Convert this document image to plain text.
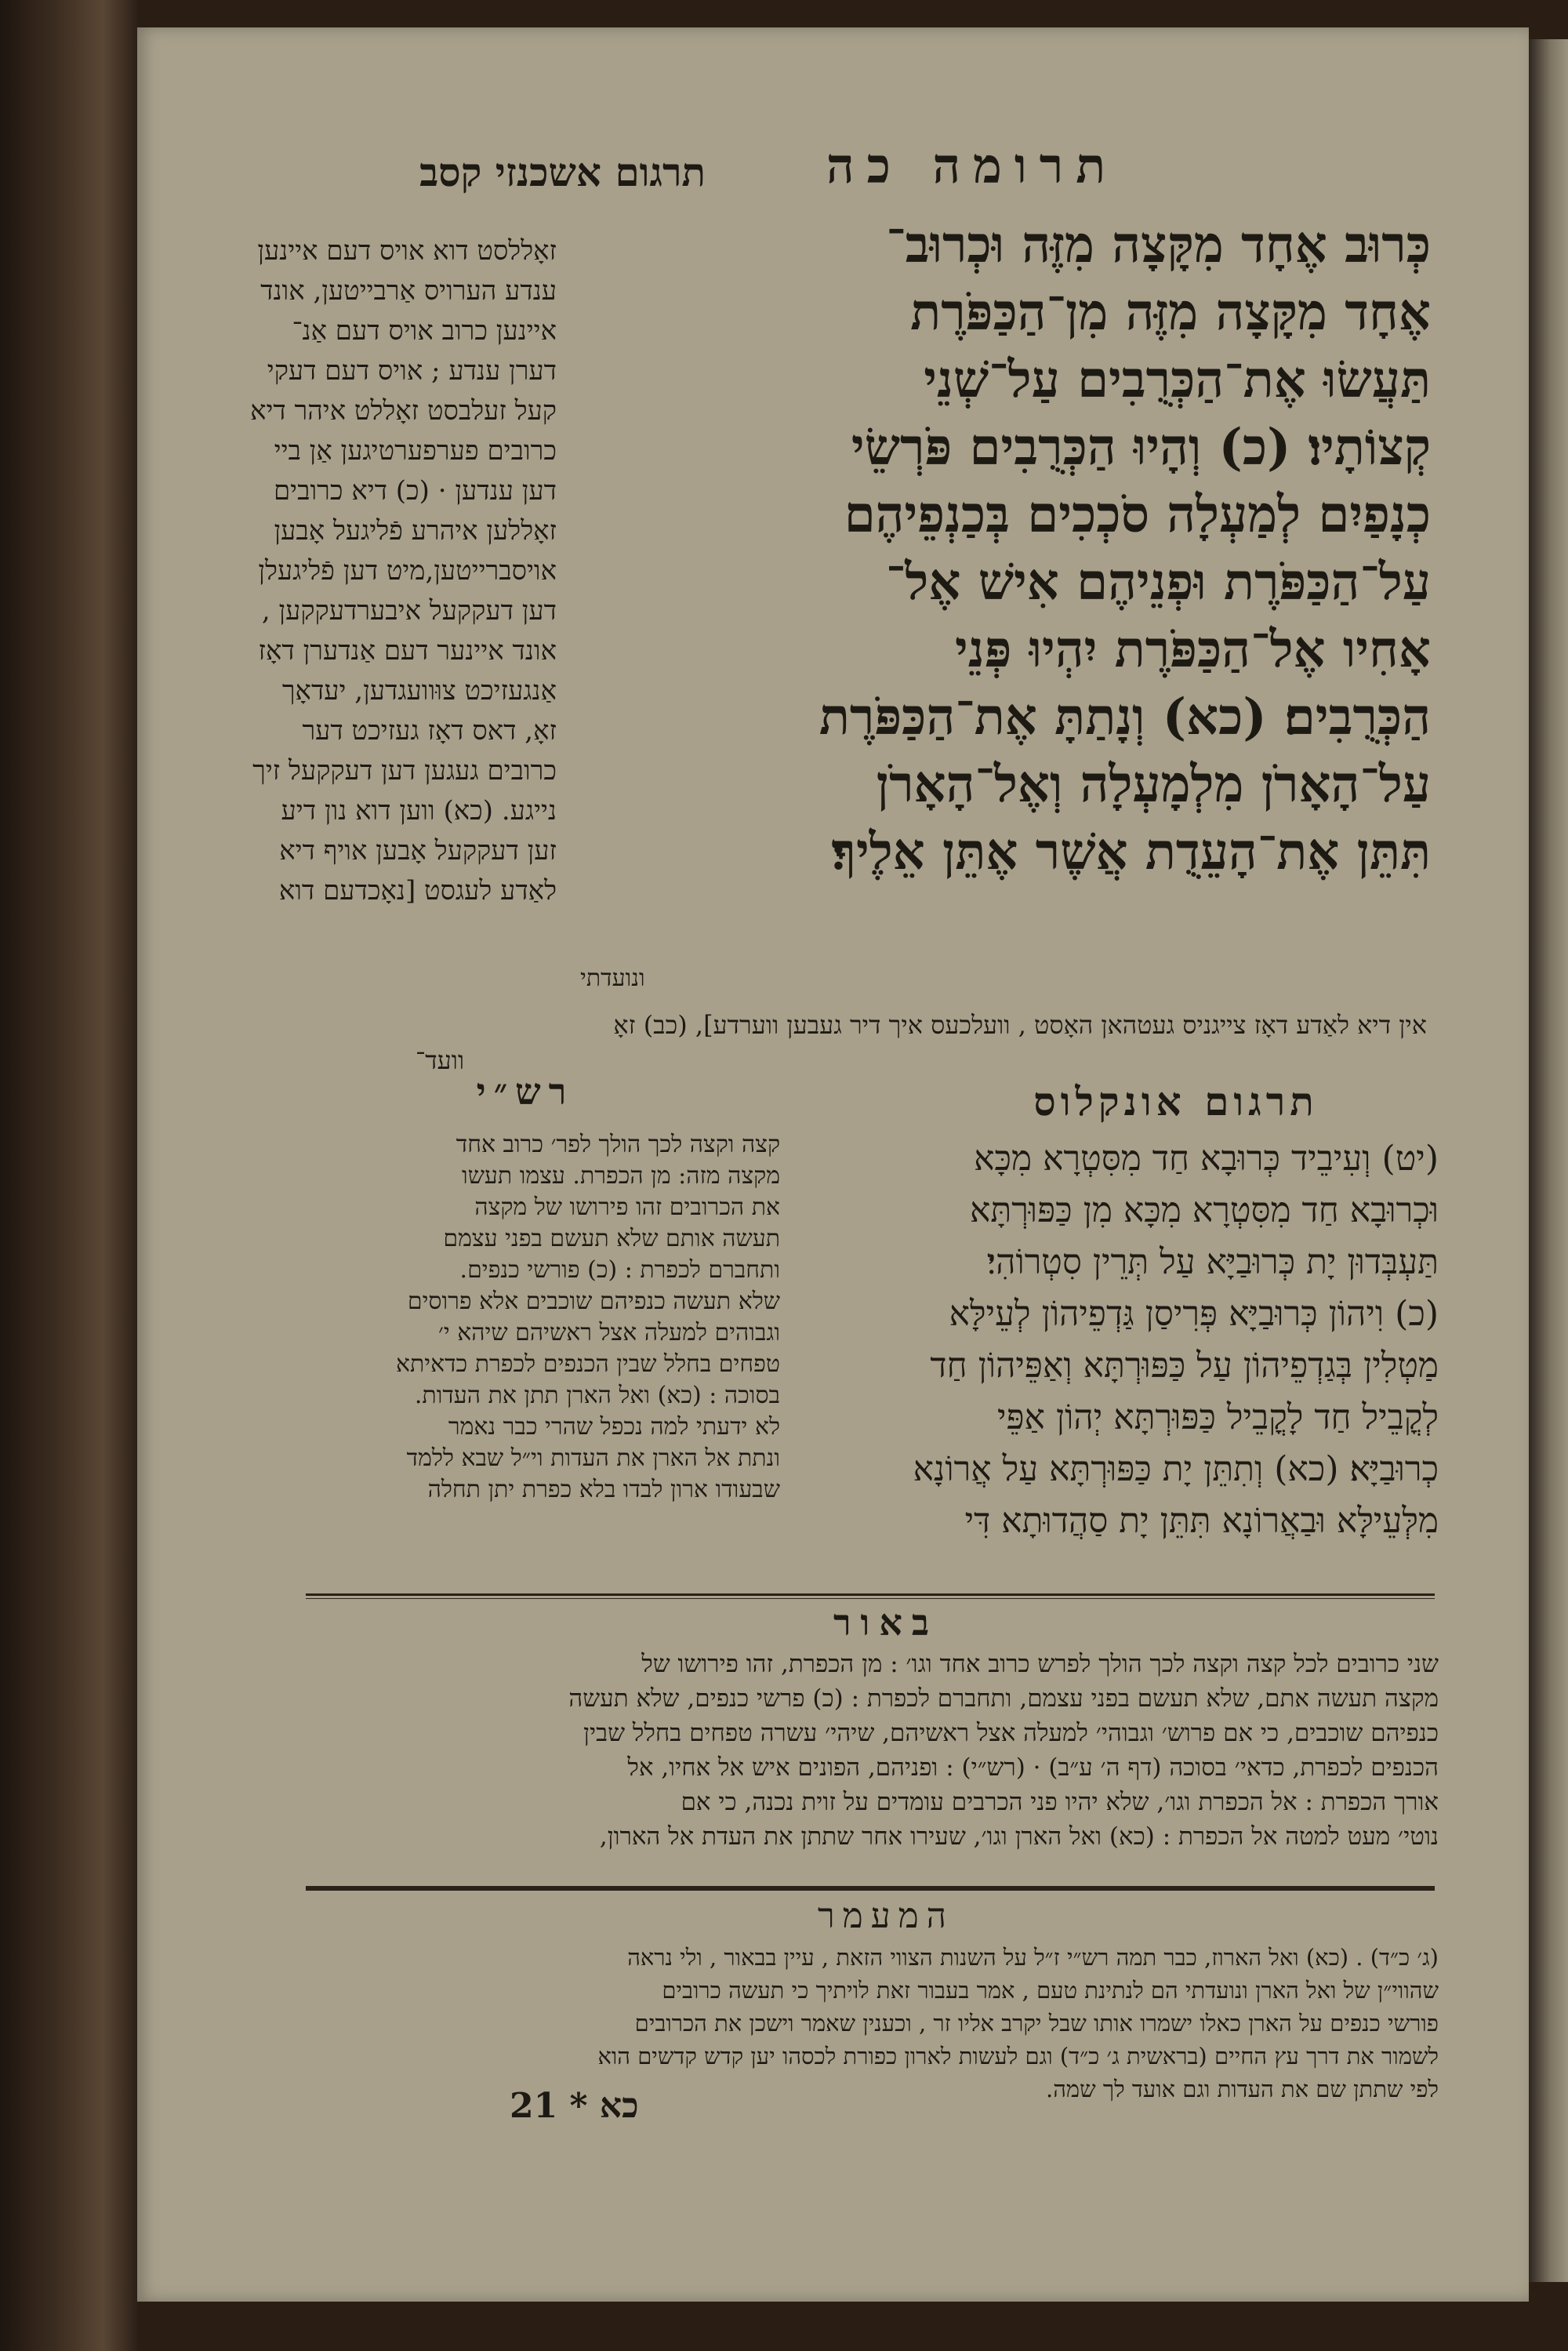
תרומה כה
תרגום אשכנזי קסב
כְּרוּב אֶחָד מִקָּצָה מִזֶּה וּכְרוּב־
אֶחָד מִקָּצָה מִזֶּה מִן־הַכַּפֹּרֶת
תַּעֲשׂוּ אֶת־הַכְּרֻבִים עַל־שְׁנֵי
קְצוֹתָיו׃ (כ) וְהָיוּ הַכְּרֻבִים פֹּרְשֵׂי
כְנָפַיִם לְמַעְלָה סֹכְכִים בְּכַנְפֵיהֶם
עַל־הַכַּפֹּרֶת וּפְנֵיהֶם אִישׁ אֶל־
אָחִיו אֶל־הַכַּפֹּרֶת יִהְיוּ פְּנֵי
הַכְּרֻבִים׃ (כא) וְנָתַתָּ אֶת־הַכַּפֹּרֶת
עַל־הָאָרֹן מִלְמָעְלָה וְאֶל־הָאָרֹן
תִּתֵּן אֶת־הָעֵדֻת אֲשֶׁר אֶתֵּן אֵלֶיךָ׃
זאָללסט דוא אויס דעם איינען
ענדע הערויס אַרבייטען, אונד
איינען כרוב אויס דעם אַנ־
דערן ענדע ; אויס דעם דעקי
קעל זעלבסט זאָללט איהר דיא
כרובים פערפערטיגען אַן ביי
דען ענדען · (כ) דיא כרובים
זאָללען איהרע פֿליגעל אָבען
אויסברייטען,מיט דען פֿליגעלן
דען דעקקעל איבערדעקקען ,
אונד איינער דעם אַנדערן דאָז
אַנגעזיכט צוּוועגדען, יעדאָך
זאָ, דאס דאָז געזיכט דער
כרובים געגען דען דעקקעל זיך
נייגע. (כא) ווען דוא נון דיע
זען דעקקעל אָבען אויף דיא
לאַדע לעגסט [נאָכדעם דוא
ונועדתי
אין דיא לאַדע דאָז צייגניס געטהאן האָסט , וועלכעס איך דיר געבען ווערדע], (כב) זאָ
וועד־
תרגום אונקלוס
רש״י
(יט) וְעִיבֵיד כְּרוּבָא חַד מִסִּטְרָא מִכָּא
וּכְרוּבָא חַד מִסִּטְרָא מִכָּא מִן כַּפּוּרְתָּא
תַּעְבְּדוּן יָת כְּרוּבַיָּא עַל תְּרֵין סִטְרוֹהִי׃
(כ) וִיהוֹן כְּרוּבַיָּא פְּרִיסַן גַּדְפֵיהוֹן לְעֵילָּא
מַטְלִין בְּגַדְפֵיהוֹן עַל כַּפּוּרְתָּא וְאַפֵּיהוֹן חַד
לְקֳבֵיל חַד לָקֳבֵיל כַּפּוּרְתָּא יְהוֹן אַפֵּי
כְרוּבַיָּא׃ (כא) וְתִתֵּן יָת כַּפּוּרְתָּא עַל אֲרוֹנָא
מִלְּעֵילָּא וּבַאֲרוֹנָא תִּתֵּן יָת סַהֲדוּתָא דִּי
קצה וקצה לכך הולך לפר׳ כרוב אחד
מקצה מזה: מן הכפרת. עצמו תעשו
את הכרובים זהו פירושו של מקצה
תעשה אותם שלא תעשם בפני עצמם
ותחברם לכפרת : (כ) פורשי כנפים.
שלא תעשה כנפיהם שוכבים אלא פרוסים
וגבוהים למעלה אצל ראשיהם שיהא י׳
טפחים בחלל שבין הכנפים לכפרת כדאיתא
בסוכה : (כא) ואל הארן תתן את העדות.
לא ידעתי למה נכפל שהרי כבר נאמר
ונתת אל הארן את העדות וי״ל שבא ללמד
שבעודו ארון לבדו בלא כפרת יתן תחלה
באור
שני כרובים לכל קצה וקצה לכך הולך לפרש כרוב אחד וגו׳ : מן הכפרת, זהו פירושו של
מקצה תעשה אתם, שלא תעשם בפני עצמם, ותחברם לכפרת : (כ) פרשי כנפים, שלא תעשה
כנפיהם שוכבים, כי אם פרוש׳ וגבוהי׳ למעלה אצל ראשיהם, שיהי׳ עשרה טפחים בחלל שבין
הכנפים לכפרת, כדאי׳ בסוכה (דף ה׳ ע״ב) · (רש״י) : ופניהם, הפונים איש אל אחיו, אל
אורך הכפרת : אל הכפרת וגו׳, שלא יהיו פני הכרבים עומדים על זוית נכנה, כי אם
נוטי׳ מעט למטה אל הכפרת : (כא) ואל הארן וגו׳, שעירו אחר שתתן את העדת אל הארון,
המעמר
(ג׳ כ״ד) . (כא) ואל הארוז, כבר תמה רש״י ז״ל על השנות הצווי הזאת , עיין בבאור , ולי נראה
שהווי״ן של ואל הארן ונועדתי הם לנתינת טעם , אמר בעבור זאת לויתיך כי תעשה כרובים
פורשי כנפים על הארן כאלו ישמרו אותו שבל יקרב אליו זר , וכענין שאמר וישכן את הכרובים
לשמור את דרך עץ החיים (בראשית ג׳ כ״ד) וגם לעשות לארון כפורת לכסהו יען קדש קדשים הוא
לפי שתתן שם את העדות וגם אועד לך שמה.
21 * כא
